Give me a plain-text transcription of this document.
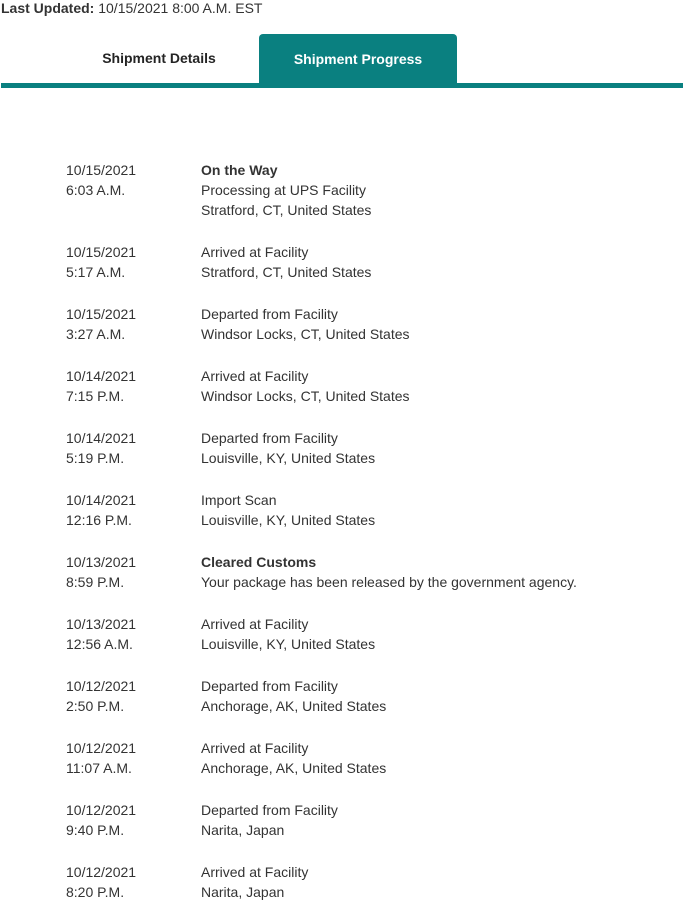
Last Updated: 10/15/2021 8:00 A.M. EST
Shipment Details	Shipment Progress
10/15/2021
6:03 A.M.
On the Way
Processing at UPS Facility
Stratford, CT, United States
10/15/2021
5:17 A.M.
Arrived at Facility
Stratford, CT, United States
10/15/2021
3:27 A.M.
Departed from Facility
Windsor Locks, CT, United States
10/14/2021
7:15 P.M.
Arrived at Facility
Windsor Locks, CT, United States
10/14/2021
5:19 P.M.
Departed from Facility
Louisville, KY, United States
10/14/2021
12:16 P.M.
Import Scan
Louisville, KY, United States
10/13/2021
8:59 P.M.
Cleared Customs
Your package has been released by the government agency.
10/13/2021
12:56 A.M.
Arrived at Facility
Louisville, KY, United States
10/12/2021
2:50 P.M.
Departed from Facility
Anchorage, AK, United States
10/12/2021
11:07 A.M.
Arrived at Facility
Anchorage, AK, United States
10/12/2021
9:40 P.M.
Departed from Facility
Narita, Japan
10/12/2021
8:20 P.M.
Arrived at Facility
Narita, Japan
